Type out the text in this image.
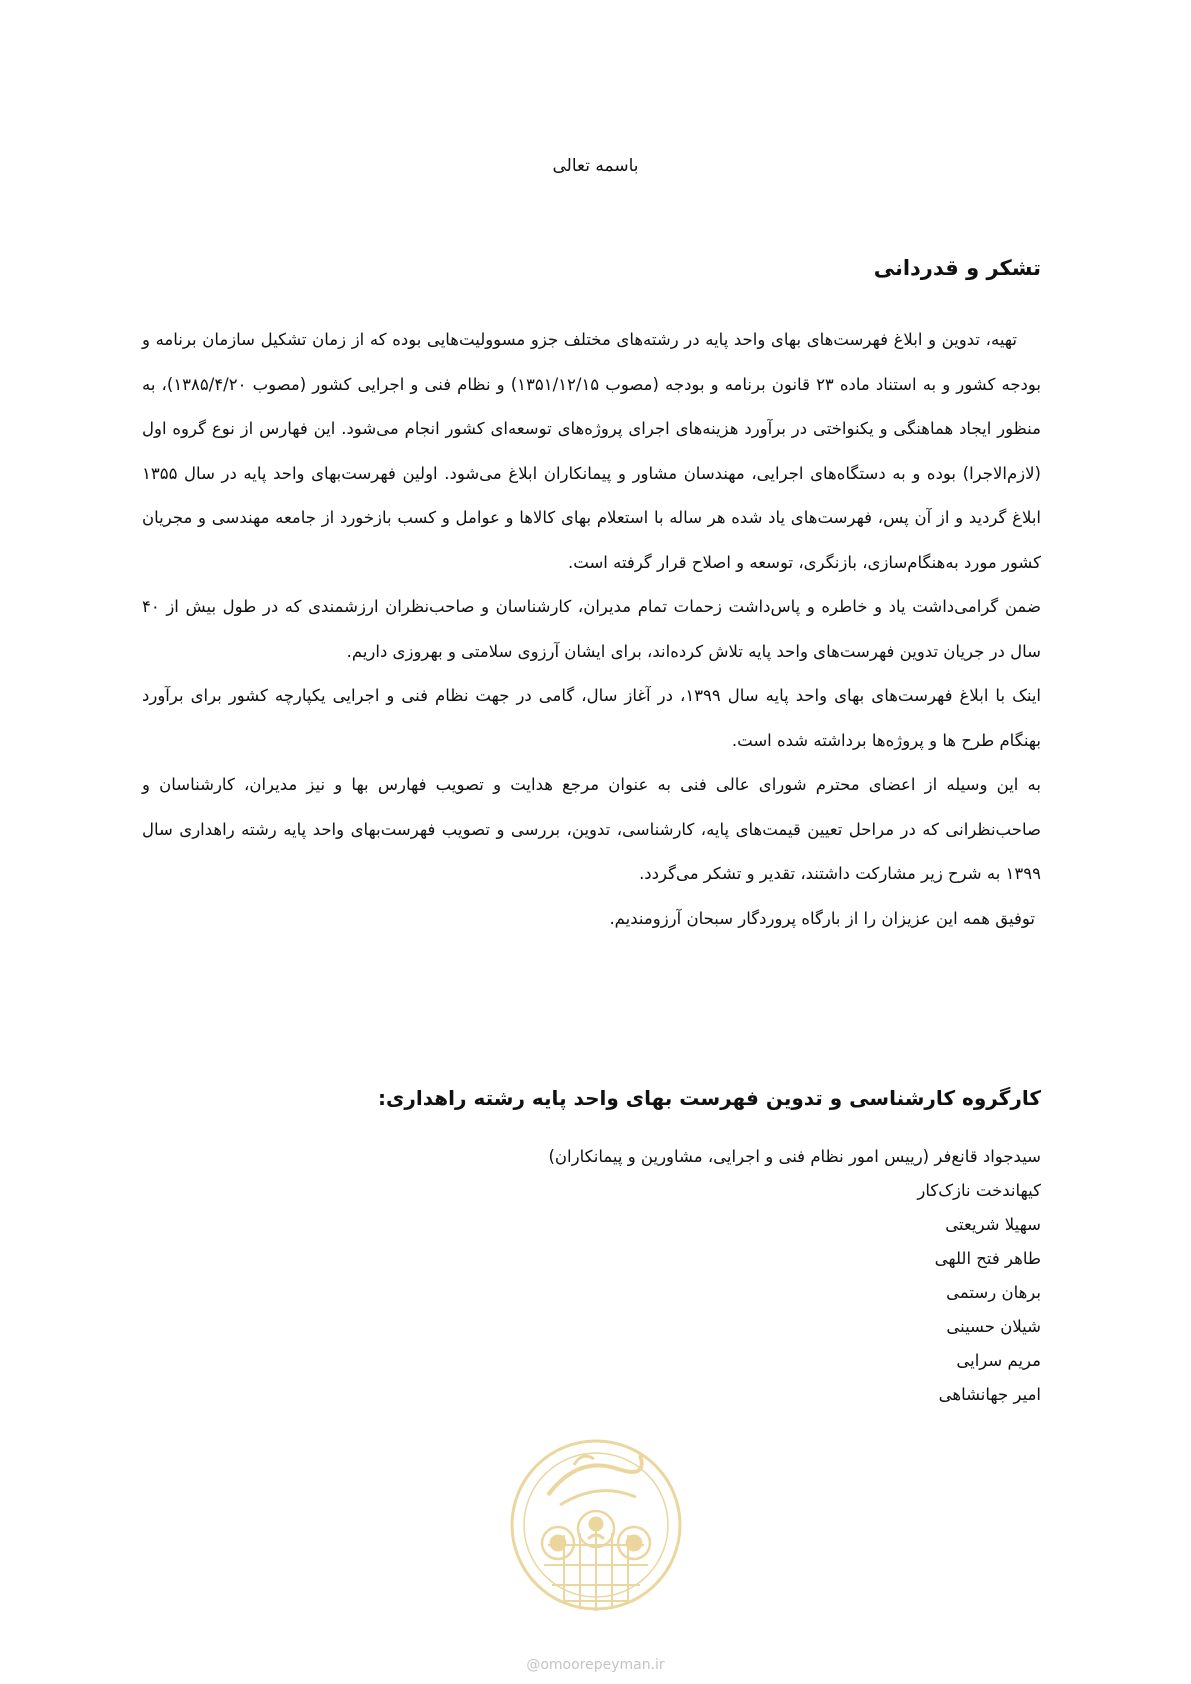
باسمه تعالی
تشکر و قدردانی

تهیه، تدوین و ابلاغ فهرست‌های بهای واحد پایه در رشته‌های مختلف جزو مسوولیت‌هایی بوده که از زمان تشکیل سازمان برنامه و بودجه کشور و به استناد ماده ۲۳ قانون برنامه و بودجه (مصوب ۱۳۵۱/۱۲/۱۵) و نظام فنی و اجرایی کشور (مصوب ۱۳۸۵/۴/۲۰)، به منظور ایجاد هماهنگی و یکنواختی در برآورد هزینه‌های اجرای پروژه‌های توسعه‌ای کشور انجام می‌شود. این فهارس از نوع گروه اول (لازم‌الاجرا) بوده و به دستگاه‌های اجرایی، مهندسان مشاور و پیمانکاران ابلاغ می‌شود. اولین فهرست‌بهای واحد پایه در سال ۱۳۵۵ ابلاغ گردید و از آن پس، فهرست‌های یاد شده هر ساله با استعلام بهای کالاها و عوامل و کسب بازخورد از جامعه مهندسی و مجریان کشور مورد به‌هنگام‌سازی، بازنگری، توسعه و اصلاح قرار گرفته است.

ضمن گرامی‌داشت یاد و خاطره و پاس‌داشت زحمات تمام مدیران، کارشناسان و صاحب‌نظران ارزشمندی که در طول بیش از ۴۰ سال در جریان تدوین فهرست‌های واحد پایه تلاش کرده‌اند، برای ایشان آرزوی سلامتی و بهروزی داریم.

اینک با ابلاغ فهرست‌های بهای واحد پایه سال ۱۳۹۹، در آغاز سال، گامی در جهت نظام فنی و اجرایی یکپارچه کشور برای برآورد بهنگام طرح ها و پروژه‌ها برداشته شده است.

به این وسیله از اعضای محترم شورای عالی فنی به عنوان مرجع هدایت و تصویب فهارس بها و نیز مدیران، کارشناسان و صاحب‌نظرانی که در مراحل تعیین قیمت‌های پایه، کارشناسی، تدوین، بررسی و تصویب فهرست‌بهای واحد پایه رشته راهداری سال ۱۳۹۹ به شرح زیر مشارکت داشتند، تقدیر و تشکر می‌گردد.

توفیق همه این عزیزان را از بارگاه پروردگار سبحان آرزومندیم.

کارگروه کارشناسی و تدوین فهرست بهای واحد پایه رشته راهداری:
سیدجواد قانع‌فر (رییس امور نظام فنی و اجرایی، مشاورین و پیمانکاران)
کیهاندخت نازک‌کار
سهیلا شریعتی
طاهر فتح اللهی
برهان رستمی
شیلان حسینی
مریم سرایی
امیر جهانشاهی
@omoorepeyman.ir
